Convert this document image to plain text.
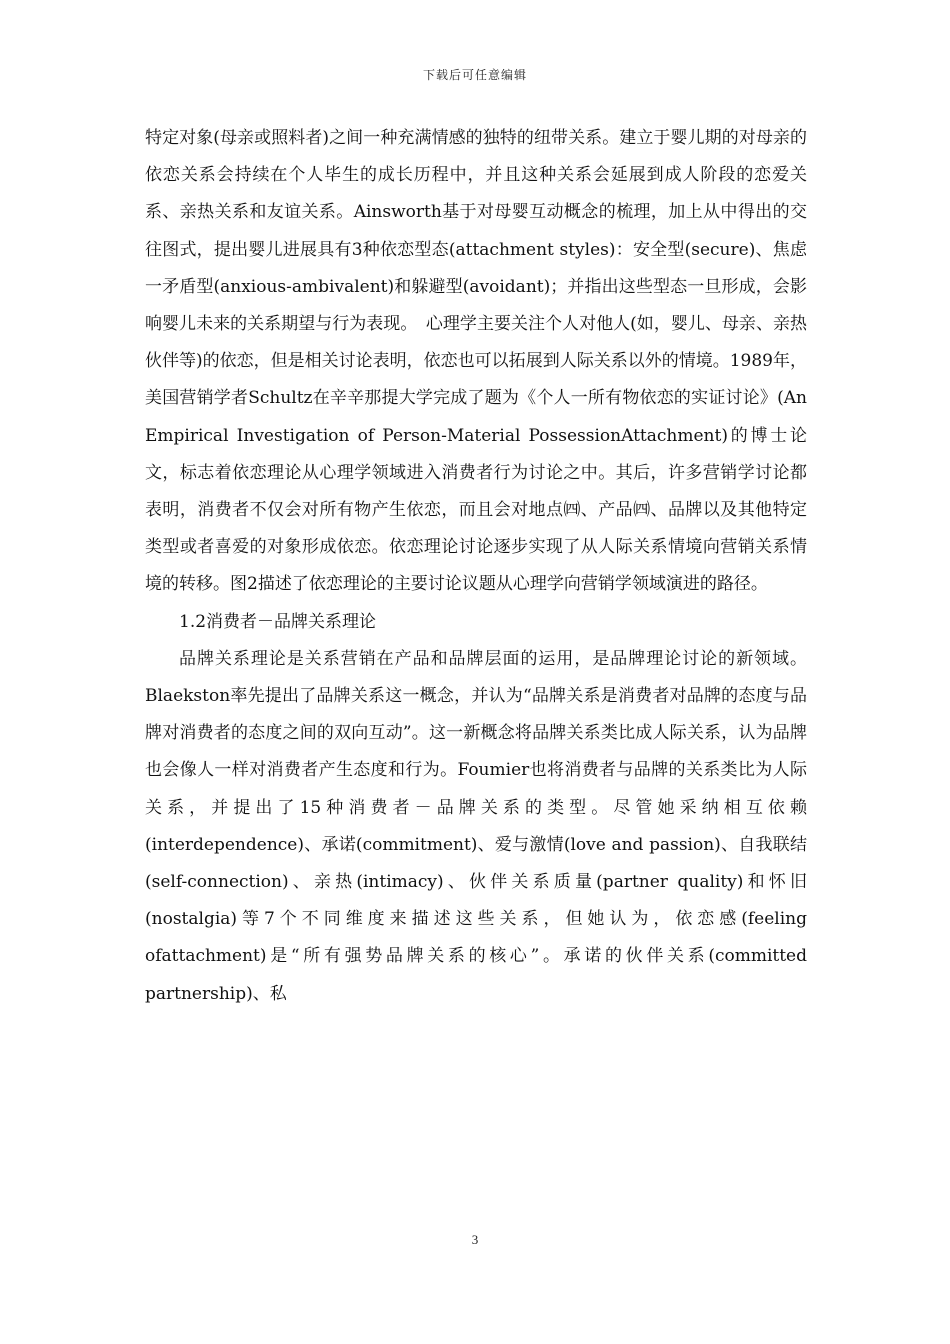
下载后可任意编辑

特定对象(母亲或照料者)之间一种充满情感的独特的纽带关系。建立于婴儿期的对母亲的依恋关系会持续在个人毕生的成长历程中，并且这种关系会延展到成人阶段的恋爱关系、亲热关系和友谊关系。Ainsworth基于对母婴互动概念的梳理，加上从中得出的交往图式，提出婴儿进展具有3种依恋型态(attachment styles)：安全型(secure)、焦虑一矛盾型(anxious-ambivalent)和躲避型(avoidant)；并指出这些型态一旦形成，会影响婴儿未来的关系期望与行为表现。　心理学主要关注个人对他人(如，婴儿、母亲、亲热伙伴等)的依恋，但是相关讨论表明，依恋也可以拓展到人际关系以外的情境。1989年，美国营销学者Schultz在辛辛那提大学完成了题为《个人一所有物依恋的实证讨论》(An Empirical Investigation of Person-Material PossessionAttachment)的博士论文，标志着依恋理论从心理学领域进入消费者行为讨论之中。其后，许多营销学讨论都表明，消费者不仅会对所有物产生依恋，而且会对地点㈣、产品㈣、品牌以及其他特定类型或者喜爱的对象形成依恋。依恋理论讨论逐步实现了从人际关系情境向营销关系情境的转移。图2描述了依恋理论的主要讨论议题从心理学向营销学领域演进的路径。

1.2消费者－品牌关系理论

品牌关系理论是关系营销在产品和品牌层面的运用，是品牌理论讨论的新领域。Blaekston率先提出了品牌关系这一概念，并认为“品牌关系是消费者对品牌的态度与品牌对消费者的态度之间的双向互动”。这一新概念将品牌关系类比成人际关系，认为品牌也会像人一样对消费者产生态度和行为。Foumier也将消费者与品牌的关系类比为人际关系，并提出了15种消费者－品牌关系的类型。尽管她采纳相互依赖(interdependence)、承诺(commitment)、爱与激情(love and passion)、自我联结(self-connection)、亲热(intimacy)、伙伴关系质量(partner quality)和怀旧(nostalgia)等7个不同维度来描述这些关系，但她认为，依恋感(feeling ofattachment)是“所有强势品牌关系的核心”。承诺的伙伴关系(committed partnership)、私

3
